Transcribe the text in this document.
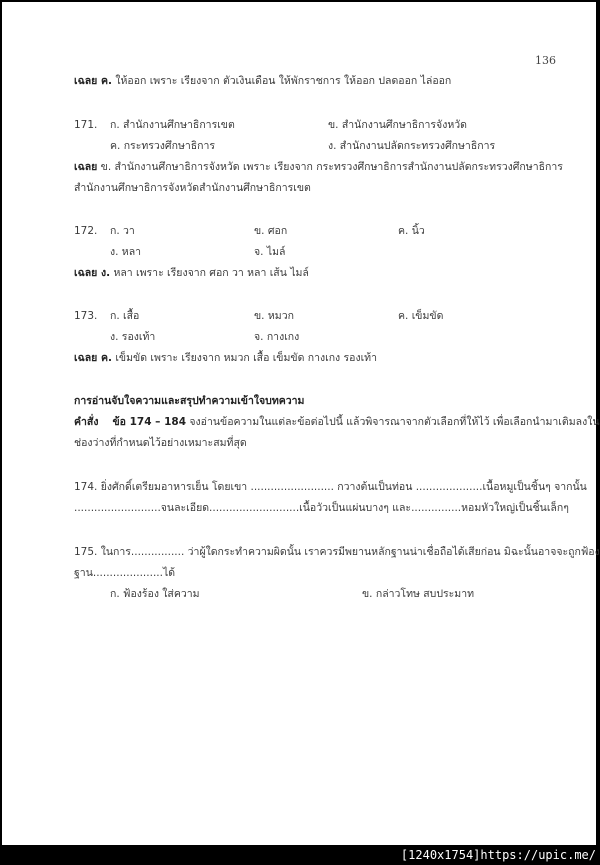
136
เฉลย ค. ให้ออก เพราะ เรียงจาก ตัวเงินเดือน ให้พักราชการ ให้ออก ปลดออก ไล่ออก
171. ก. สำนักงานศึกษาธิการเขต	ข. สำนักงานศึกษาธิการจังหวัด
ค. กระทรวงศึกษาธิการ	ง. สำนักงานปลัดกระทรวงศึกษาธิการ
เฉลย ข. สำนักงานศึกษาธิการจังหวัด เพราะ เรียงจาก กระทรวงศึกษาธิการสำนักงานปลัดกระทรวงศึกษาธิการ
สำนักงานศึกษาธิการจังหวัดสำนักงานศึกษาธิการเขต
172. ก. วา	ข. ศอก	ค. นิ้ว
ง. หลา	จ. ไมล์
เฉลย ง. หลา เพราะ เรียงจาก ศอก วา หลา เส้น ไมล์
173. ก. เสื้อ	ข. หมวก	ค. เข็มขัด
ง. รองเท้า	จ. กางเกง
เฉลย ค. เข็มขัด เพราะ เรียงจาก หมวก เสื้อ เข็มขัด กางเกง รองเท้า
การอ่านจับใจความและสรุปทำความเข้าใจบทความ
คำสั่ง ข้อ 174 – 184 จงอ่านข้อความในแต่ละข้อต่อไปนี้ แล้วพิจารณาจากตัวเลือกที่ให้ไว้ เพื่อเลือกนำมาเติมลงใน
ช่องว่างที่กำหนดไว้อย่างเหมาะสมที่สุด
174. ยิ่งศักดิ์เตรียมอาหารเย็น โดยเขา ......................... กวางต้นเป็นท่อน ....................เนื้อหมูเป็นชิ้นๆ จากนั้น
..........................จนละเอียด...........................เนื้อวัวเป็นแผ่นบางๆ และ...............หอมหัวใหญ่เป็นชิ้นเล็กๆ
175. ในการ................ ว่าผู้ใดกระทำความผิดนั้น เราควรมีพยานหลักฐานน่าเชื่อถือได้เสียก่อน มิฉะนั้นอาจจะถูกฟ้อง
ฐาน.....................ได้
ก. ฟ้องร้อง ใส่ความ	ข. กล่าวโทษ สบประมาท
[1240x1754]https://upic.me/
